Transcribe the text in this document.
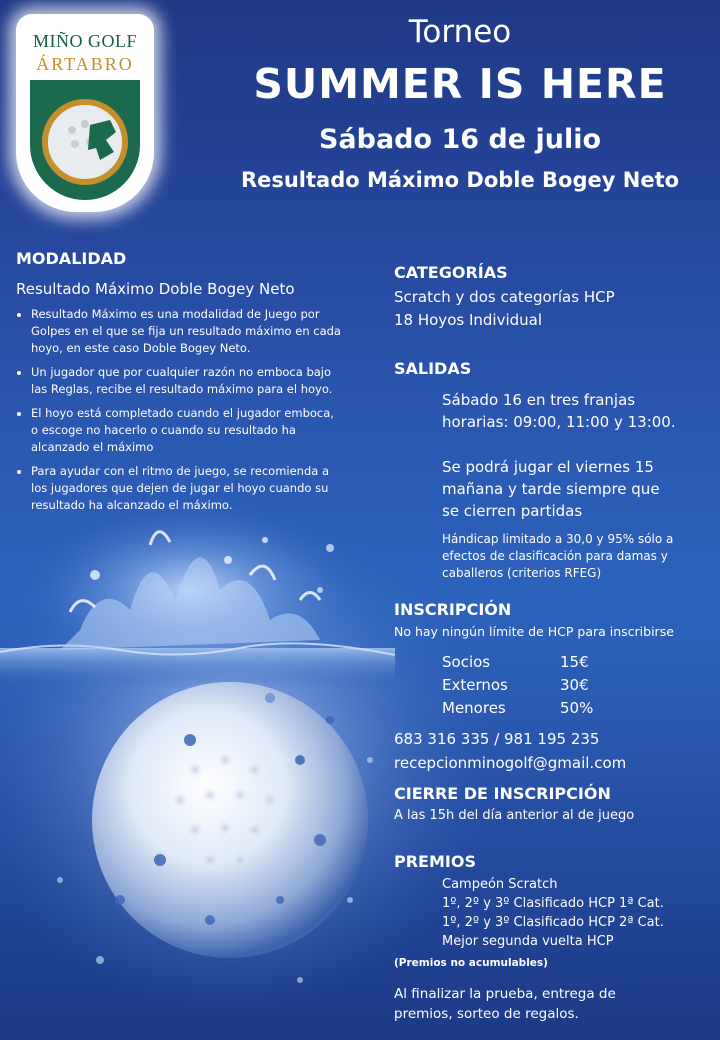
MIÑO GOLF
ÁRTABRO
Torneo
SUMMER IS HERE
Sábado 16 de julio
Resultado Máximo Doble Bogey Neto
MODALIDAD
Resultado Máximo Doble Bogey Neto
• Resultado Máximo es una modalidad de Juego por
Golpes en el que se fija un resultado máximo en cada
hoyo, en este caso Doble Bogey Neto.
• Un jugador que por cualquier razón no emboca bajo
las Reglas, recibe el resultado máximo para el hoyo.
• El hoyo está completado cuando el jugador emboca,
o escoge no hacerlo o cuando su resultado ha
alcanzado el máximo
• Para ayudar con el ritmo de juego, se recomienda a
los jugadores que dejen de jugar el hoyo cuando su
resultado ha alcanzado el máximo.
CATEGORÍAS
Scratch y dos categorías HCP
18 Hoyos Individual
SALIDAS
Sábado 16 en tres franjas
horarias: 09:00, 11:00 y 13:00.
Se podrá jugar el viernes 15
mañana y tarde siempre que
se cierren partidas
Hándicap limitado a 30,0 y 95% sólo a
efectos de clasificación para damas y
caballeros (criterios RFEG)
INSCRIPCIÓN
No hay ningún límite de HCP para inscribirse
Socios	15€
Externos	30€
Menores	50%
683 316 335 / 981 195 235
recepcionminogolf@gmail.com
CIERRE DE INSCRIPCIÓN
A las 15h del día anterior al de juego
PREMIOS
Campeón Scratch
1º, 2º y 3º Clasificado HCP 1ª Cat.
1º, 2º y 3º Clasificado HCP 2ª Cat.
Mejor segunda vuelta HCP
(Premios no acumulables)
Al finalizar la prueba, entrega de
premios, sorteo de regalos.
